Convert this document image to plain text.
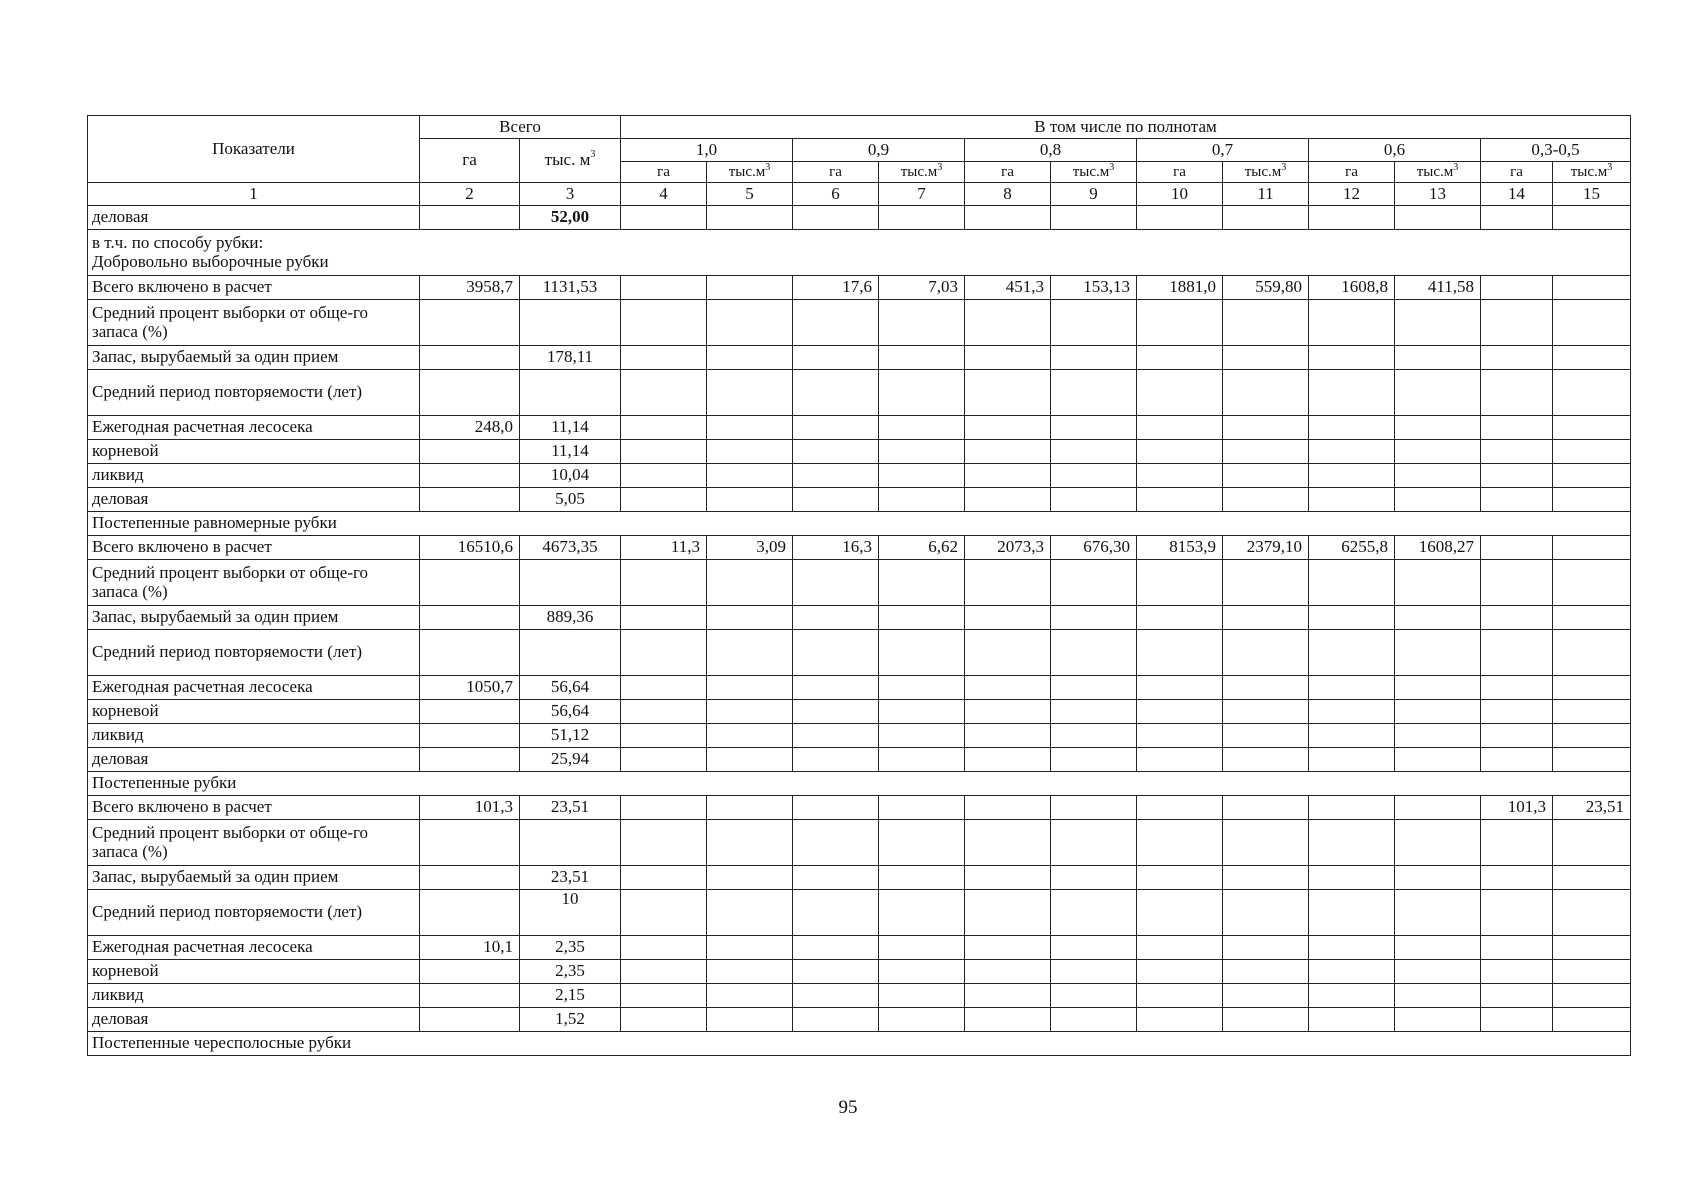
Показатели	Всего		В том числе по полнотам											
	га	тыс. $м^3$	1,0		0,9		0,8		0,7		0,6		0,3-0,5	
			га	$тыс.м^3$	га	$тыс.м^3$	га	$тыс.м^3$	га	$тыс.м^3$	га	$тыс.м^3$	га	$тыс.м^3$
1	2	3	4	5	6	7	8	9	10	11	12	13	14	15
деловая		52,00												
в т.ч. по способу рубки:
Добровольно выборочные рубки														
Всего включено в расчет	3958,7	1131,53			17,6	7,03	451,3	153,13	1881,0	559,80	1608,8	411,58		
Средний процент выборки от обще-го запаса (%)														
Запас, вырубаемый за один прием		178,11												
Средний период повторяемости (лет)														
Ежегодная расчетная лесосека	248,0	11,14												
корневой		11,14												
ликвид		10,04												
деловая		5,05												
Постепенные равномерные рубки														
Всего включено в расчет	16510,6	4673,35	11,3	3,09	16,3	6,62	2073,3	676,30	8153,9	2379,10	6255,8	1608,27		
Средний процент выборки от обще-го запаса (%)														
Запас, вырубаемый за один прием		889,36												
Средний период повторяемости (лет)														
Ежегодная расчетная лесосека	1050,7	56,64												
корневой		56,64												
ликвид		51,12												
деловая		25,94												
Постепенные рубки														
Всего включено в расчет	101,3	23,51											101,3	23,51
Средний процент выборки от обще-го запаса (%)														
Запас, вырубаемый за один прием		23,51												
Средний период повторяемости (лет)		10												
Ежегодная расчетная лесосека	10,1	2,35												
корневой		2,35												
ликвид		2,15												
деловая		1,52												
Постепенные чересполосные рубки														
95
